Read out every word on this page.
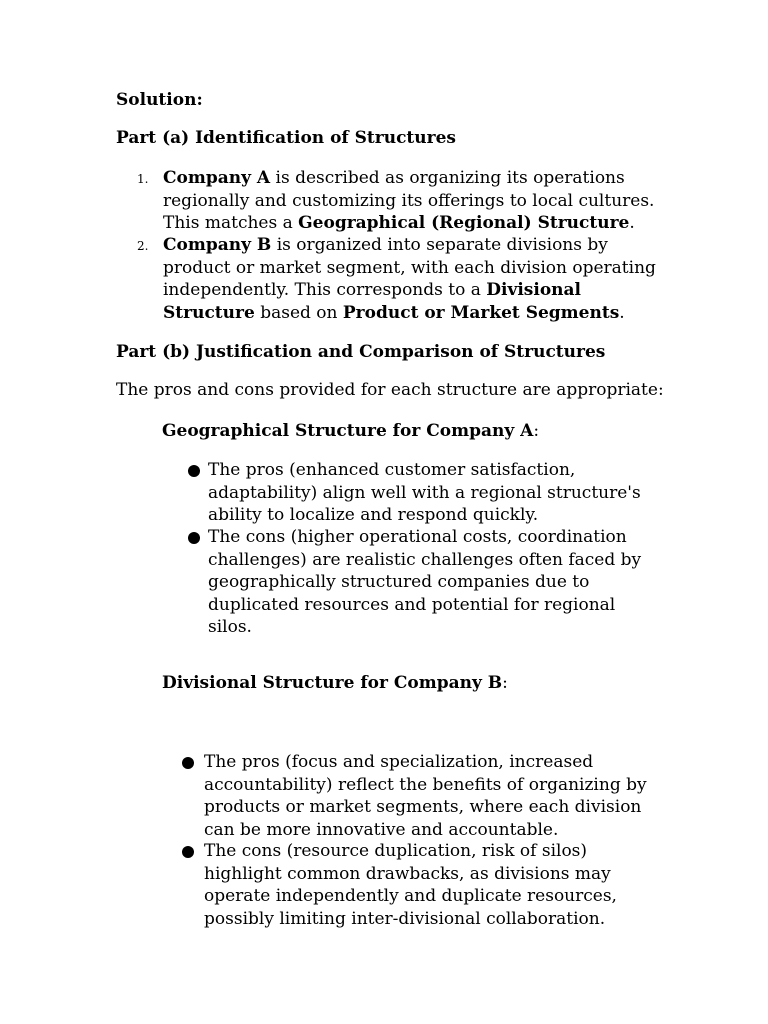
Solution:

Part (a) Identification of Structures

1. Company A is described as organizing its operations regionally and customizing its offerings to local cultures. This matches a Geographical (Regional) Structure.

2. Company B is organized into separate divisions by product or market segment, with each division operating independently. This corresponds to a Divisional Structure based on Product or Market Segments.

Part (b) Justification and Comparison of Structures

The pros and cons provided for each structure are appropriate:

Geographical Structure for Company A:

The pros (enhanced customer satisfaction, adaptability) align well with a regional structure's ability to localize and respond quickly.

The cons (higher operational costs, coordination challenges) are realistic challenges often faced by geographically structured companies due to duplicated resources and potential for regional silos.

Divisional Structure for Company B:

The pros (focus and specialization, increased accountability) reflect the benefits of organizing by products or market segments, where each division can be more innovative and accountable.

The cons (resource duplication, risk of silos) highlight common drawbacks, as divisions may operate independently and duplicate resources, possibly limiting inter-divisional collaboration.
